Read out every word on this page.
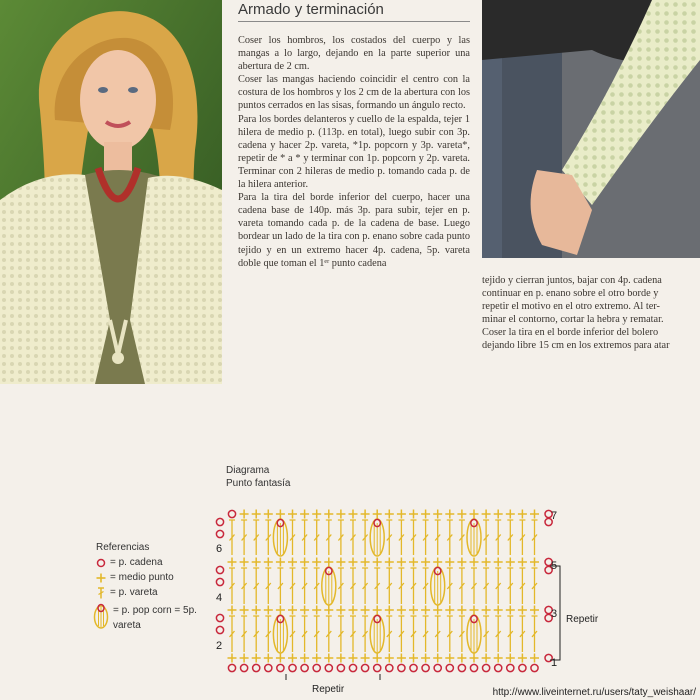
Armado y terminación

Coser los hombros, los costados del cuerpo y las mangas a lo largo, dejando en la parte superior una abertura de 2 cm.

Coser las mangas haciendo coincidir el centro con la costura de los hombros y los 2 cm de la abertura con los puntos cerrados en las sisas, formando un ángulo recto.

Para los bordes delanteros y cuello de la espalda, tejer 1 hilera de medio p. (113p. en total), luego subir con 3p. cadena y hacer 2p. vareta, *1p. popcorn y 3p. vareta*, repetir de * a * y terminar con 1p. popcorn y 2p. vareta. Terminar con 2 hileras de medio p. tomando cada p. de la hilera anterior.

Para la tira del borde inferior del cuerpo, hacer una cadena base de 140p. más 3p. para subir, tejer en p. vareta tomando cada p. de la cadena de base. Luego bordear un lado de la tira con p. enano sobre cada punto tejido y en un extremo hacer 4p. cadena, 5p. vareta doble que toman el 1ᵉʳ punto cadena

tejido y cierran juntos, bajar con 4p. cadena
continuar en p. enano sobre el otro borde y
repetir el motivo en el otro extremo. Al ter-
minar el contorno, cortar la hebra y rematar.
Coser la tira en el borde inferior del bolero
dejando libre 15 cm en los extremos para atar
Diagrama
Punto fantasía
Referencias
= p. cadena
= medio punto
= p. vareta
= p. pop corn = 5p.
vareta
7
6
5
4
3
2
1
Repetir
Repetir	http://www.liveinternet.ru/users/taty_weishaar/
